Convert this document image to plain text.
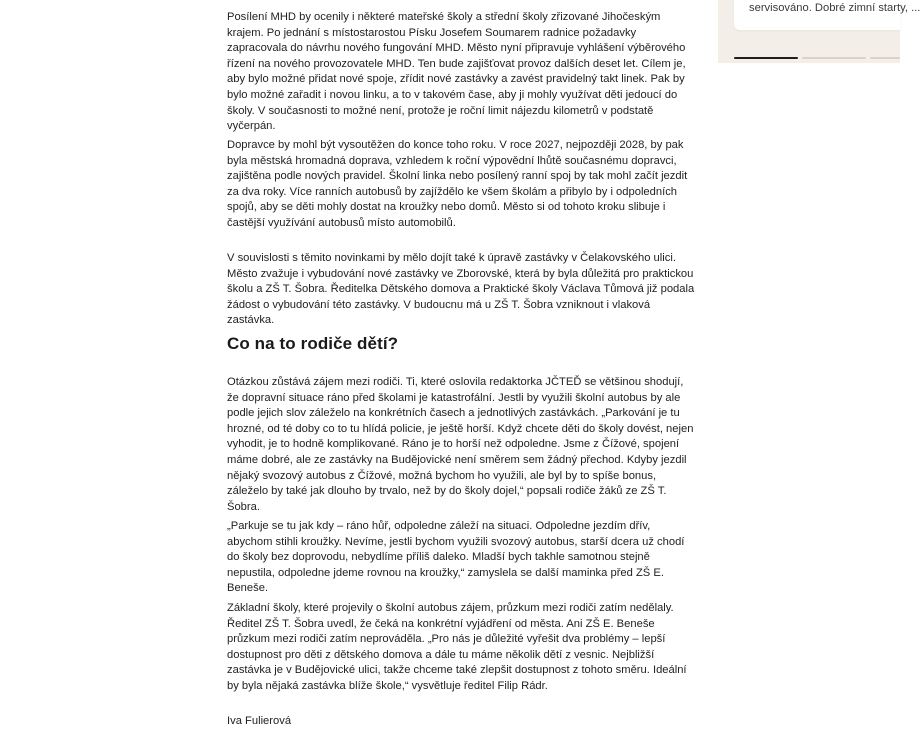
Posílení MHD by ocenily i některé mateřské školy a střední školy zřizované Jihočeským krajem. Po jednání s místostarostou Písku Josefem Soumarem radnice požadavky zapracovala do návrhu nového fungování MHD. Město nyní připravuje vyhlášení výběrového řízení na nového provozovatele MHD. Ten bude zajišťovat provoz dalších deset let. Cílem je, aby bylo možné přidat nové spoje, zřídit nové zastávky a zavést pravidelný takt linek. Pak by bylo možné zařadit i novou linku, a to v takovém čase, aby ji mohly využívat děti jedoucí do školy. V současnosti to možné není, protože je roční limit nájezdu kilometrů v podstatě vyčerpán.

Dopravce by mohl být vysoutěžen do konce toho roku. V roce 2027, nejpozději 2028, by pak byla městská hromadná doprava, vzhledem k roční výpovědní lhůtě současnému dopravci, zajištěna podle nových pravidel. Školní linka nebo posílený ranní spoj by tak mohl začít jezdit za dva roky. Více ranních autobusů by zajíždělo ke všem školám a přibylo by i odpoledních spojů, aby se děti mohly dostat na kroužky nebo domů. Město si od tohoto kroku slibuje i častější využívání autobusů místo automobilů.

V souvislosti s těmito novinkami by mělo dojít také k úpravě zastávky v Čelakovského ulici. Město zvažuje i vybudování nové zastávky ve Zborovské, která by byla důležitá pro praktickou školu a ZŠ T. Šobra. Ředitelka Dětského domova a Praktické školy Václava Tůmová již podala žádost o vybudování této zastávky. V budoucnu má u ZŠ T. Šobra vzniknout i vlaková zastávka.

Co na to rodiče dětí?

Otázkou zůstává zájem mezi rodiči. Ti, které oslovila redaktorka JČTEĎ se většinou shodují, že dopravní situace ráno před školami je katastrofální. Jestli by využili školní autobus by ale podle jejich slov záleželo na konkrétních časech a jednotlivých zastávkách. „Parkování je tu hrozné, od té doby co to tu hlídá policie, je ještě horší. Když chcete děti do školy dovést, nejen vyhodit, je to hodně komplikované. Ráno je to horší než odpoledne. Jsme z Čížové, spojení máme dobré, ale ze zastávky na Budějovické není směrem sem žádný přechod. Kdyby jezdil nějaký svozový autobus z Čížové, možná bychom ho využili, ale byl by to spíše bonus, záleželo by také jak dlouho by trvalo, než by do školy dojel,“ popsali rodiče žáků ze ZŠ T. Šobra.

„Parkuje se tu jak kdy – ráno hůř, odpoledne záleží na situaci. Odpoledne jezdím dřív, abychom stihli kroužky. Nevíme, jestli bychom využili svozový autobus, starší dcera už chodí do školy bez doprovodu, nebydlíme příliš daleko. Mladší bych takhle samotnou stejně nepustila, odpoledne jdeme rovnou na kroužky,“ zamyslela se další maminka před ZŠ E. Beneše.

Základní školy, které projevily o školní autobus zájem, průzkum mezi rodiči zatím nedělaly. Ředitel ZŠ T. Šobra uvedl, že čeká na konkrétní vyjádření od města. Ani ZŠ E. Beneše průzkum mezi rodiči zatím neprováděla. „Pro nás je důležité vyřešit dva problémy – lepší dostupnost pro děti z dětského domova a dále tu máme několik dětí z vesnic. Nejbližší zastávka je v Budějovické ulici, takže chceme také zlepšit dostupnost z tohoto směru. Ideální by byla nějaká zastávka blíže škole,“ vysvětluje ředitel Filip Rádr.

Iva Fulierová

servisováno. Dobré zimní starty, ...
